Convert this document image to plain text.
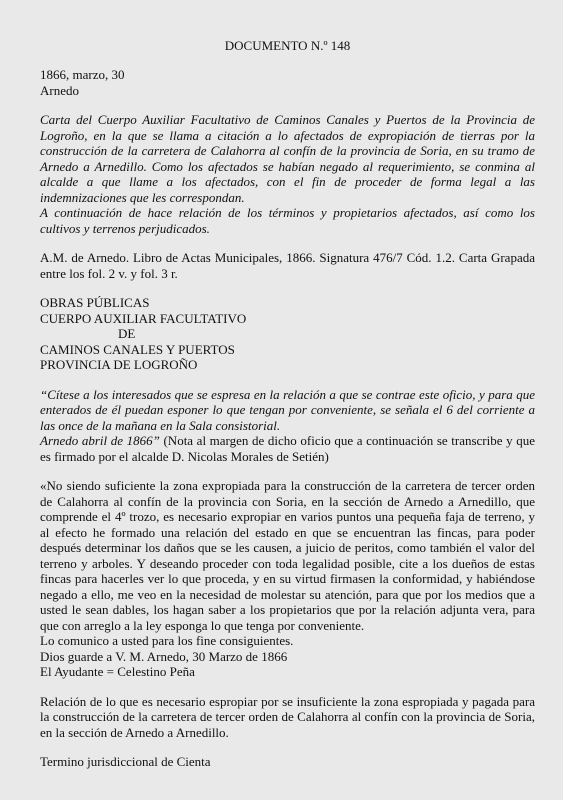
DOCUMENTO N.º 148

1866, marzo, 30

Arnedo

Carta del Cuerpo Auxiliar Facultativo de Caminos Canales y Puertos de la Provincia de Logroño, en la que se llama a citación a lo afectados de expropiación de tierras por la construcción de la carretera de Calahorra al confín de la provincia de Soria, en su tramo de Arnedo a Arnedillo. Como los afectados se habían negado al requerimiento, se conmina al alcalde a que llame a los afectados, con el fin de proceder de forma legal a las indemnizaciones que les correspondan.

A continuación de hace relación de los términos y propietarios afectados, así como los cultivos y terrenos perjudicados.

A.M. de Arnedo. Libro de Actas Municipales, 1866. Signatura 476/7 Cód. 1.2. Carta Grapada entre los fol. 2 v. y fol. 3 r.

OBRAS PÚBLICAS

CUERPO AUXILIAR FACULTATIVO

DE

CAMINOS CANALES Y PUERTOS

PROVINCIA DE LOGROÑO

“Cítese a los interesados que se espresa en la relación a que se contrae este oficio, y para que enterados de él puedan esponer lo que tengan por conveniente, se señala el 6 del corriente a las once de la mañana en la Sala consistorial.
Arnedo abril de 1866” (Nota al margen de dicho oficio que a continuación se transcribe y que es firmado por el alcalde D. Nicolas Morales de Setién)

«No siendo suficiente la zona expropiada para la construcción de la carretera de tercer orden de Calahorra al confín de la provincia con Soria, en la sección de Arnedo a Arnedillo, que comprende el 4º trozo, es necesario expropiar en varios puntos una pequeña faja de terreno, y al efecto he formado una relación del estado en que se encuentran las fincas, para poder después determinar los daños que se les causen, a juicio de peritos, como también el valor del terreno y arboles. Y deseando proceder con toda legalidad posible, cite a los dueños de estas fincas para hacerles ver lo que proceda, y en su virtud firmasen la conformidad, y habiéndose negado a ello, me veo en la necesidad de molestar su atención, para que por los medios que a usted le sean dables, los hagan saber a los propietarios que por la relación adjunta vera, para que con arreglo a la ley esponga lo que tenga por conveniente.

Lo comunico a usted para los fine consiguientes.

Dios guarde a V. M. Arnedo, 30 Marzo de 1866

El Ayudante = Celestino Peña

Relación de lo que es necesario espropiar por se insuficiente la zona espropiada y pagada para la construcción de la carretera de tercer orden de Calahorra al confín con la provincia de Soria, en la sección de Arnedo a Arnedillo.

Termino jurisdiccional de Cienta
